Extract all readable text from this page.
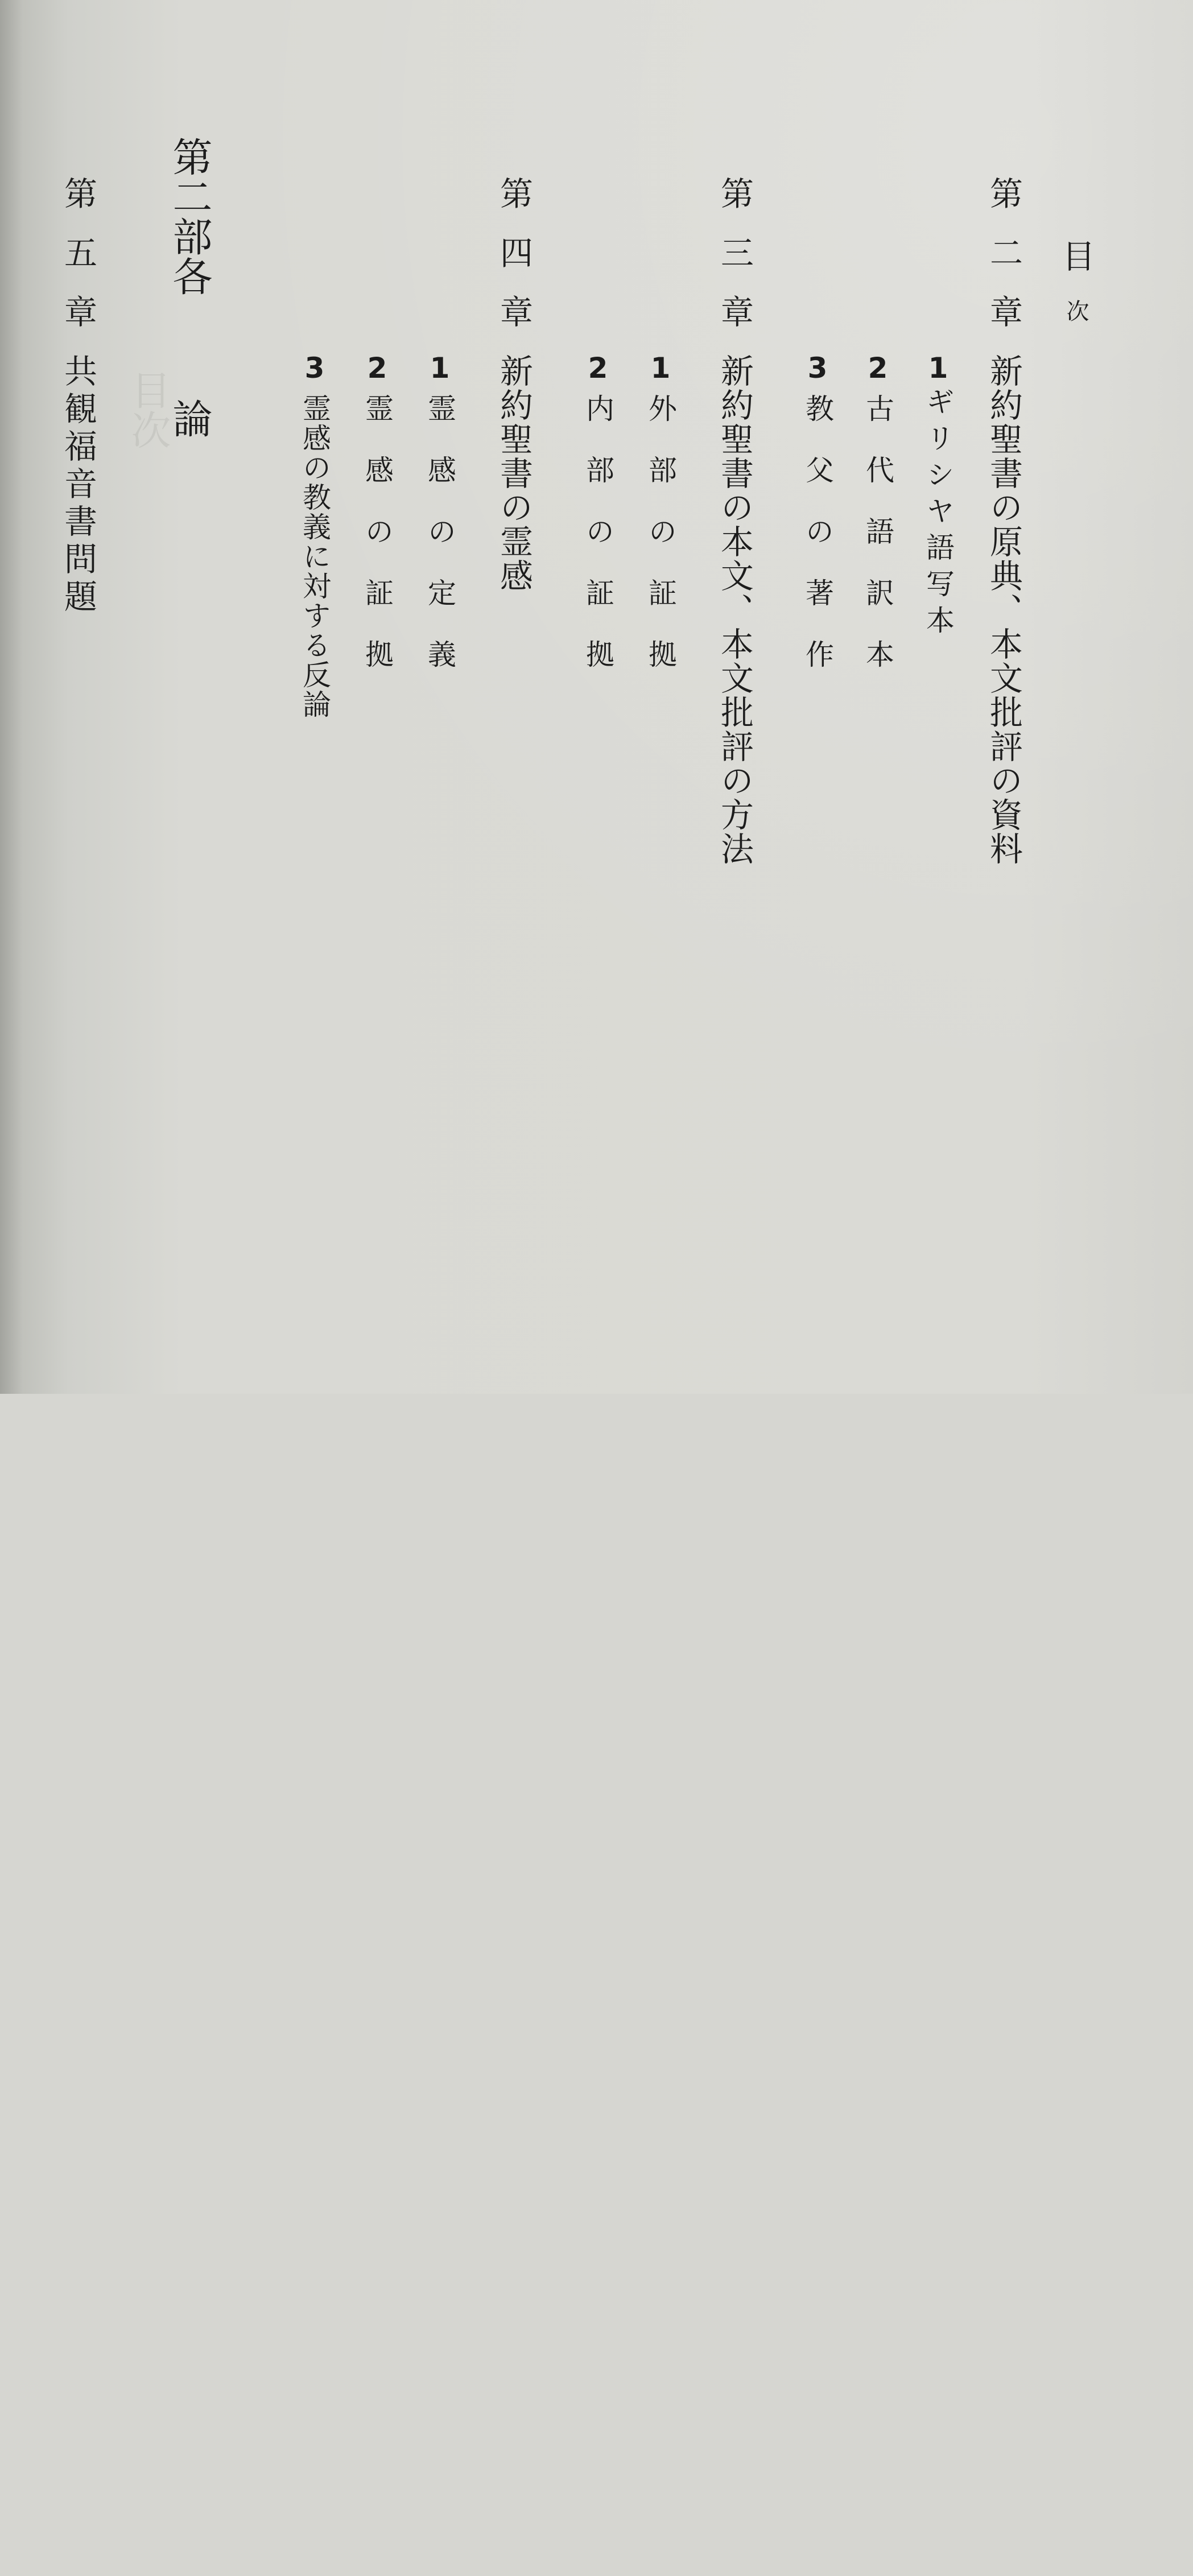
目次
目次
第二章新約聖書の原典、本文批評の資料
1ギリシヤ語写本
2古代語訳本
3教父の著作
第三章新約聖書の本文、本文批評の方法
1外部の証拠
2内部の証拠
第四章新約聖書の霊感
1霊感の定義
2霊感の証拠
3霊感の教義に対する反論
第二部各論
第五章共観福音書問題
